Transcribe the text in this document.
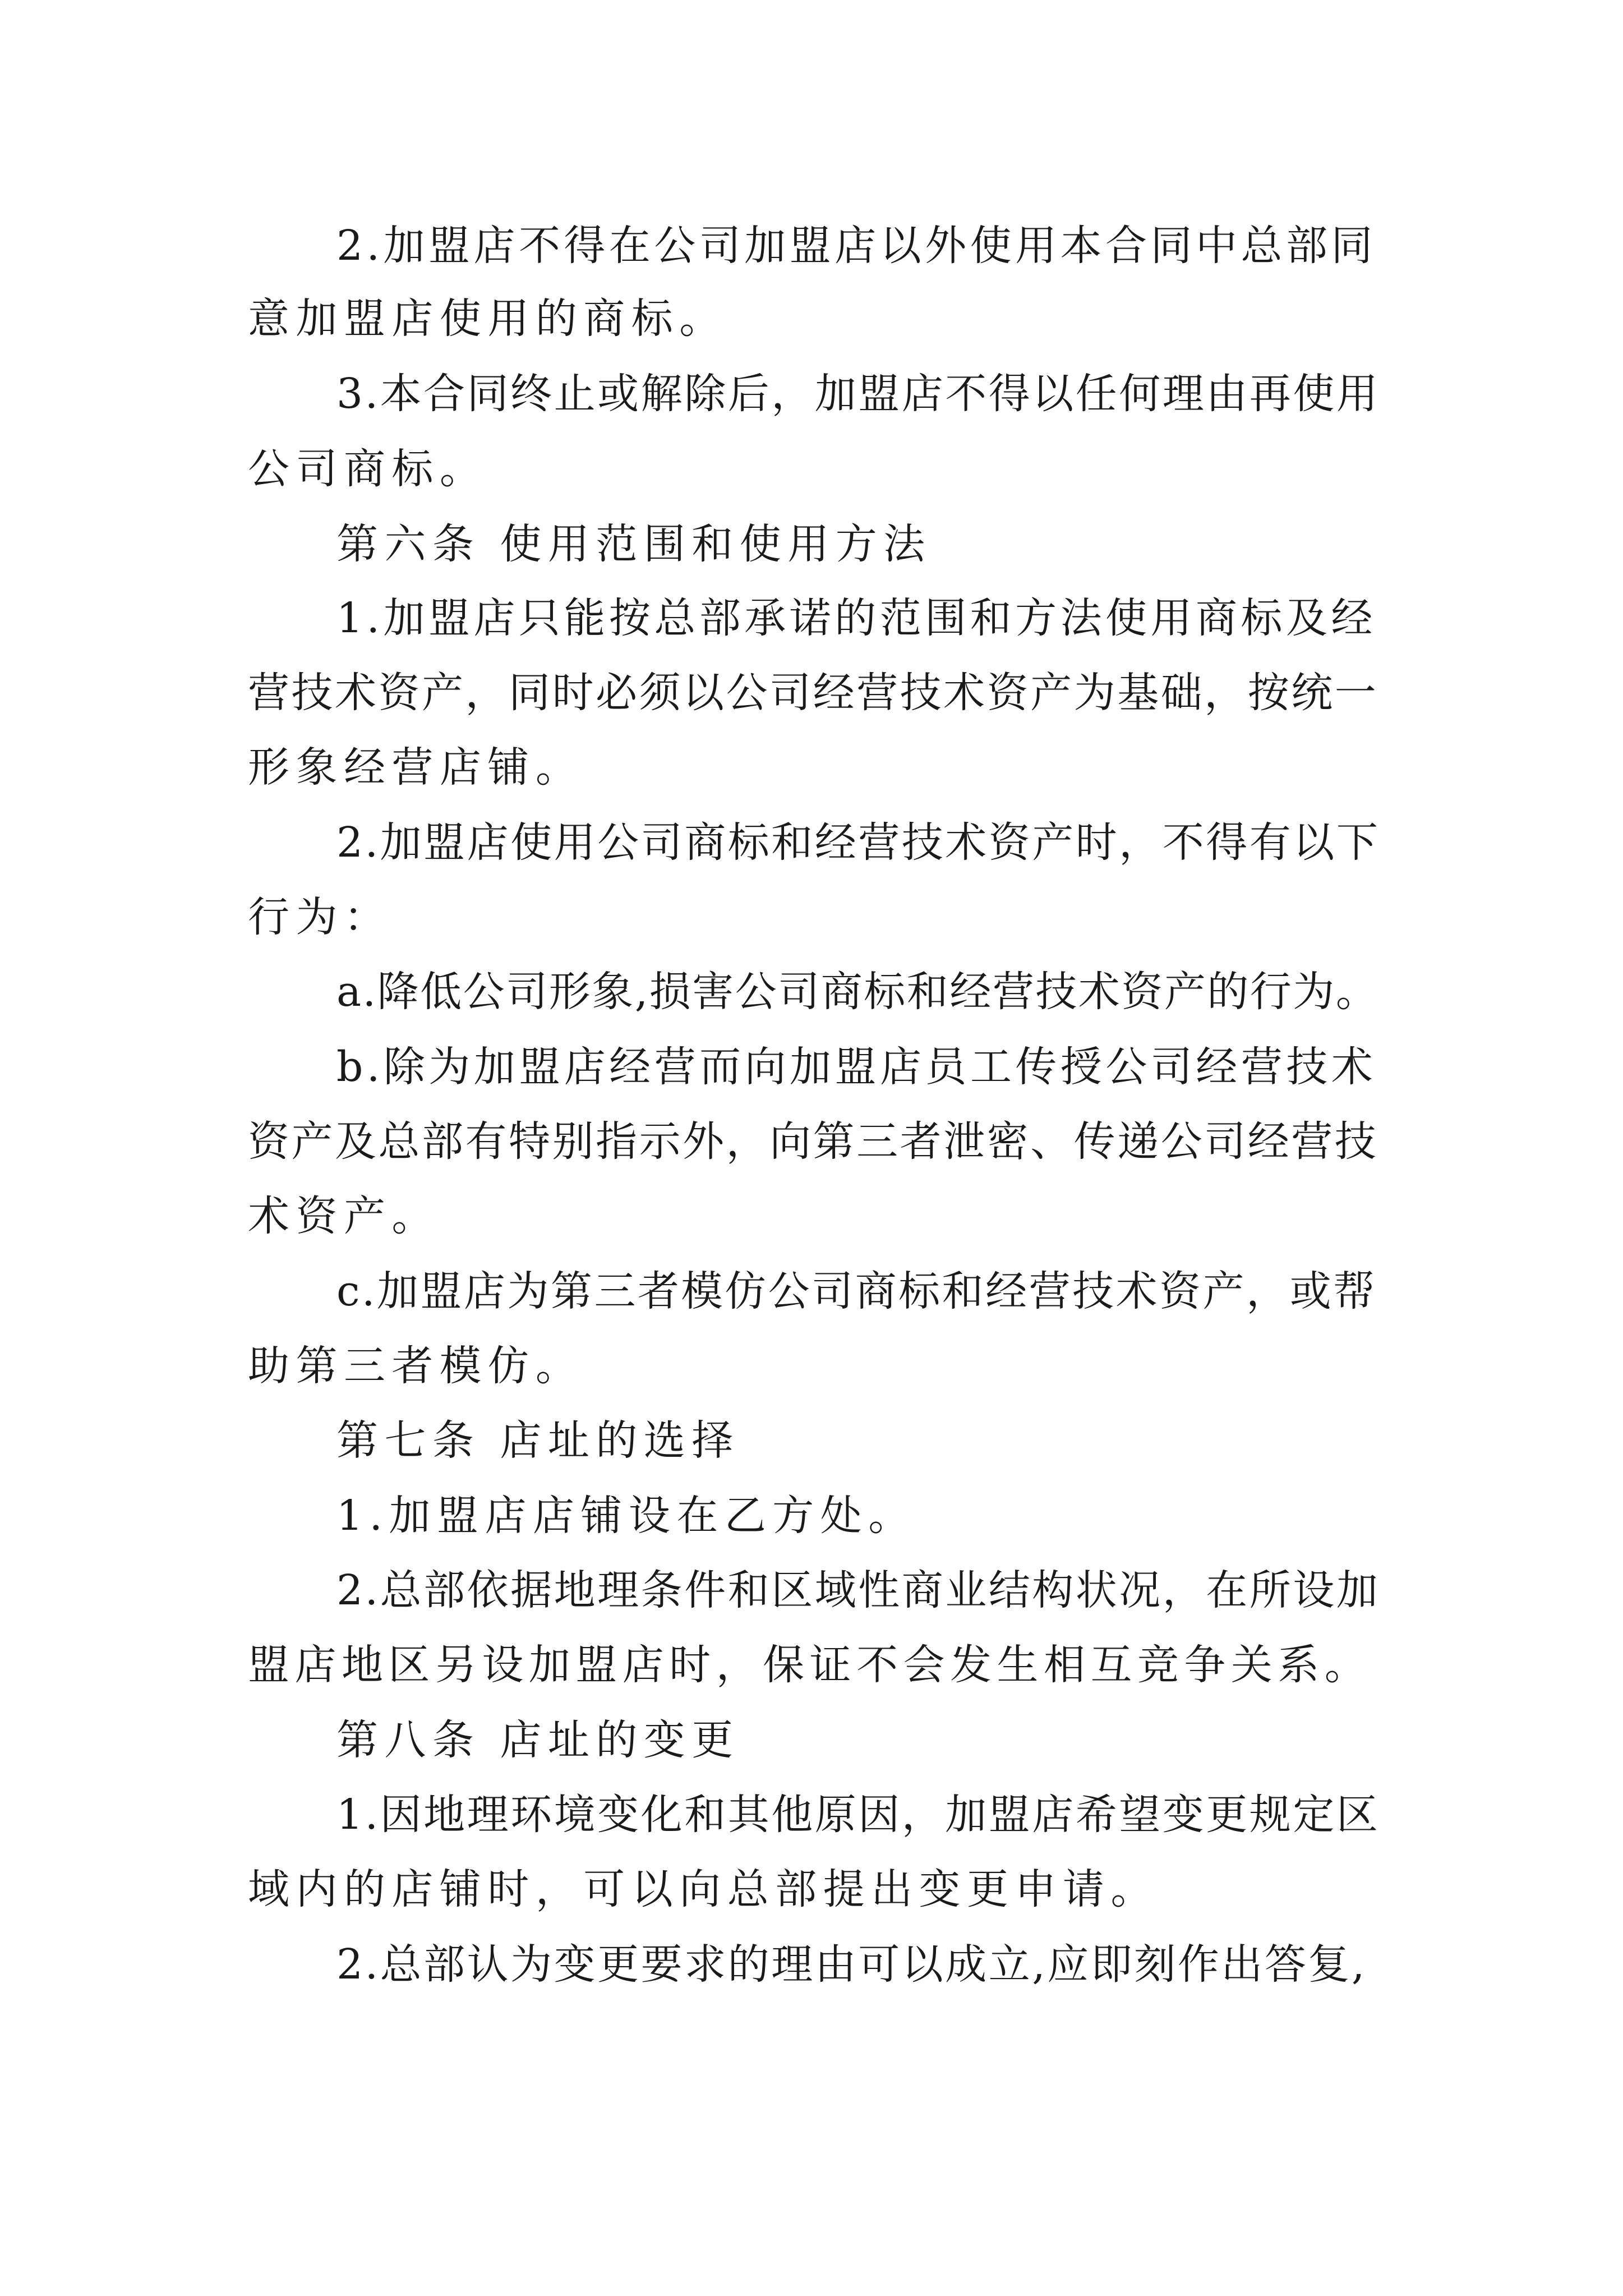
2.加盟店不得在公司加盟店以外使用本合同中总部同

意加盟店使用的商标。

3.本合同终止或解除后，加盟店不得以任何理由再使用

公司商标。

第六条 使用范围和使用方法

1.加盟店只能按总部承诺的范围和方法使用商标及经

营技术资产，同时必须以公司经营技术资产为基础，按统一

形象经营店铺。

2.加盟店使用公司商标和经营技术资产时，不得有以下

行为：

a.降低公司形象,损害公司商标和经营技术资产的行为。

b.除为加盟店经营而向加盟店员工传授公司经营技术

资产及总部有特别指示外，向第三者泄密、传递公司经营技

术资产。

c.加盟店为第三者模仿公司商标和经营技术资产，或帮

助第三者模仿。

第七条 店址的选择

1.加盟店店铺设在乙方处。

2.总部依据地理条件和区域性商业结构状况，在所设加

盟店地区另设加盟店时，保证不会发生相互竞争关系。

第八条 店址的变更

1.因地理环境变化和其他原因，加盟店希望变更规定区

域内的店铺时，可以向总部提出变更申请。

2.总部认为变更要求的理由可以成立,应即刻作出答复,
